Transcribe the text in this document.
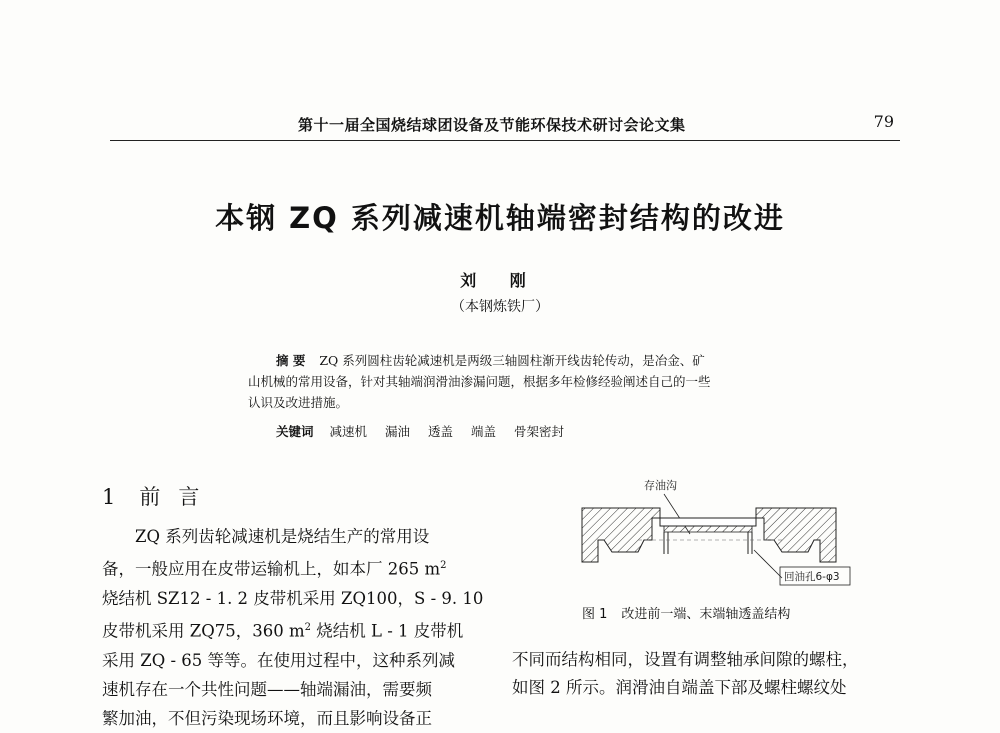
第十一届全国烧结球团设备及节能环保技术研讨会论文集	79
本钢 ZQ 系列减速机轴端密封结构的改进
刘 刚
（本钢炼铁厂）
摘 要 ZQ 系列圆柱齿轮减速机是两级三轴圆柱渐开线齿轮传动，是冶金、矿
山机械的常用设备，针对其轴端润滑油渗漏问题，根据多年检修经验阐述自己的一些
认识及改进措施。
关键词 减速机 漏油 透盖 端盖 骨架密封
1 前言
ZQ 系列齿轮减速机是烧结生产的常用设
备，一般应用在皮带运输机上，如本厂 265 $m^2$
烧结机 SZ12 - 1. 2 皮带机采用 ZQ100，S - 9. 10
皮带机采用 ZQ75，360 $m^2$ 烧结机 L - 1 皮带机
采用 ZQ - 65 等等。在使用过程中，这种系列减
速机存在一个共性问题——轴端漏油，需要频
繁加油，不但污染现场环境，而且影响设备正
存油沟
回油孔6-φ3
图 1 改进前一端、末端轴透盖结构
不同而结构相同，设置有调整轴承间隙的螺柱，
如图 2 所示。润滑油自端盖下部及螺柱螺纹处
